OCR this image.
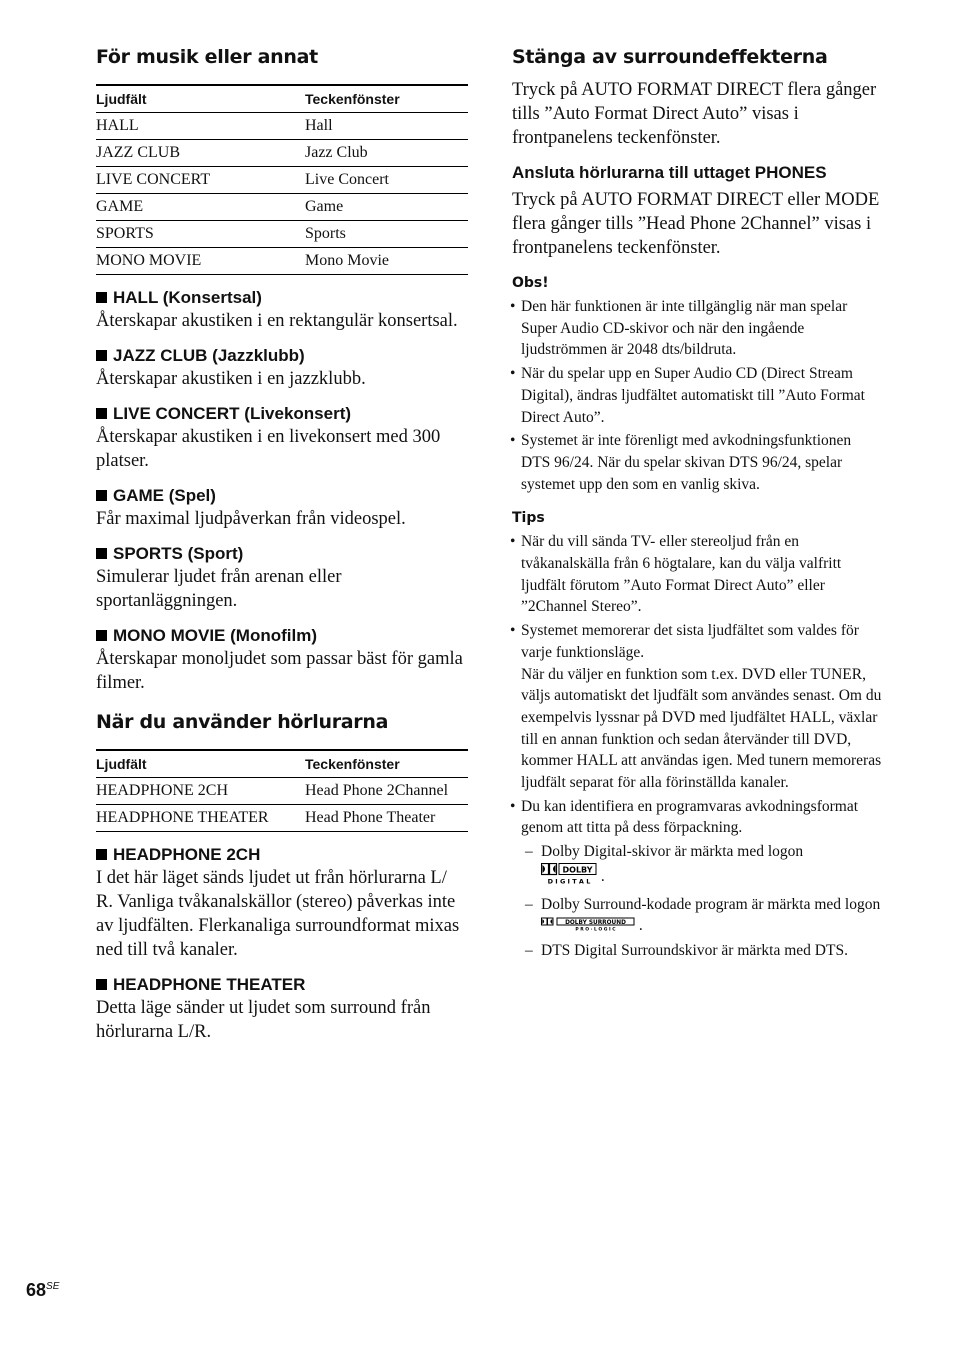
För musik eller annat
Ljudfält	Teckenfönster
HALL	Hall
JAZZ CLUB	Jazz Club
LIVE CONCERT	Live Concert
GAME	Game
SPORTS	Sports
MONO MOVIE	Mono Movie
HALL (Konsertsal)

Återskapar akustiken i en rektangulär konsertsal.

JAZZ CLUB (Jazzklubb)

Återskapar akustiken i en jazzklubb.

LIVE CONCERT (Livekonsert)

Återskapar akustiken i en livekonsert med 300 platser.

GAME (Spel)

Får maximal ljudpåverkan från videospel.

SPORTS (Sport)

Simulerar ljudet från arenan eller sportanläggningen.

MONO MOVIE (Monofilm)

Återskapar monoljudet som passar bäst för gamla filmer.

När du använder hörlurarna
Ljudfält	Teckenfönster
HEADPHONE 2CH	Head Phone 2Channel
HEADPHONE THEATER	Head Phone Theater
HEADPHONE 2CH

I det här läget sänds ljudet ut från hörlurarna L/ R. Vanliga tvåkanalskällor (stereo) påverkas inte av ljudfälten. Flerkanaliga surroundformat mixas ned till två kanaler.

HEADPHONE THEATER

Detta läge sänder ut ljudet som surround från hörlurarna L/R.

Stänga av surroundeffekterna

Tryck på AUTO FORMAT DIRECT flera gånger tills ”Auto Format Direct Auto” visas i frontpanelens teckenfönster.

Ansluta hörlurarna till uttaget PHONES

Tryck på AUTO FORMAT DIRECT eller MODE flera gånger tills ”Head Phone 2Channel” visas i frontpanelens teckenfönster.

Obs!
• Den här funktionen är inte tillgänglig när man spelar Super Audio CD-skivor och när den ingående ljudströmmen är 2048 dts/bildruta.
• När du spelar upp en Super Audio CD (Direct Stream Digital), ändras ljudfältet automatiskt till ”Auto Format Direct Auto”.
• Systemet är inte förenligt med avkodningsfunktionen DTS 96/24. När du spelar skivan DTS 96/24, spelar systemet upp den som en vanlig skiva.
Tips
• När du vill sända TV- eller stereoljud från en tvåkanalskälla från 6 högtalare, kan du välja valfritt ljudfält förutom ”Auto Format Direct Auto” eller ”2Channel Stereo”.
• Systemet memorerar det sista ljudfältet som valdes för varje funktionsläge.
När du väljer en funktion som t.ex. DVD eller TUNER, väljs automatiskt det ljudfält som användes senast. Om du exempelvis lyssnar på DVD med ljudfältet HALL, växlar till en annan funktion och sedan återvänder till DVD, kommer HALL att användas igen. Med tunern memoreras ljudfält separat för alla förinställda kanaler.
• Du kan identifiera en programvaras avkodningsformat genom att titta på dess förpackning.
– Dolby Digital-skivor är märkta med logon

DOLBY
D I G I T A L .
– Dolby Surround-kodade program är märkta med logon
DOLBY SURROUND
P R O · L O G I C .
– DTS Digital Surroundskivor är märkta med DTS.
$68^{SE}$
